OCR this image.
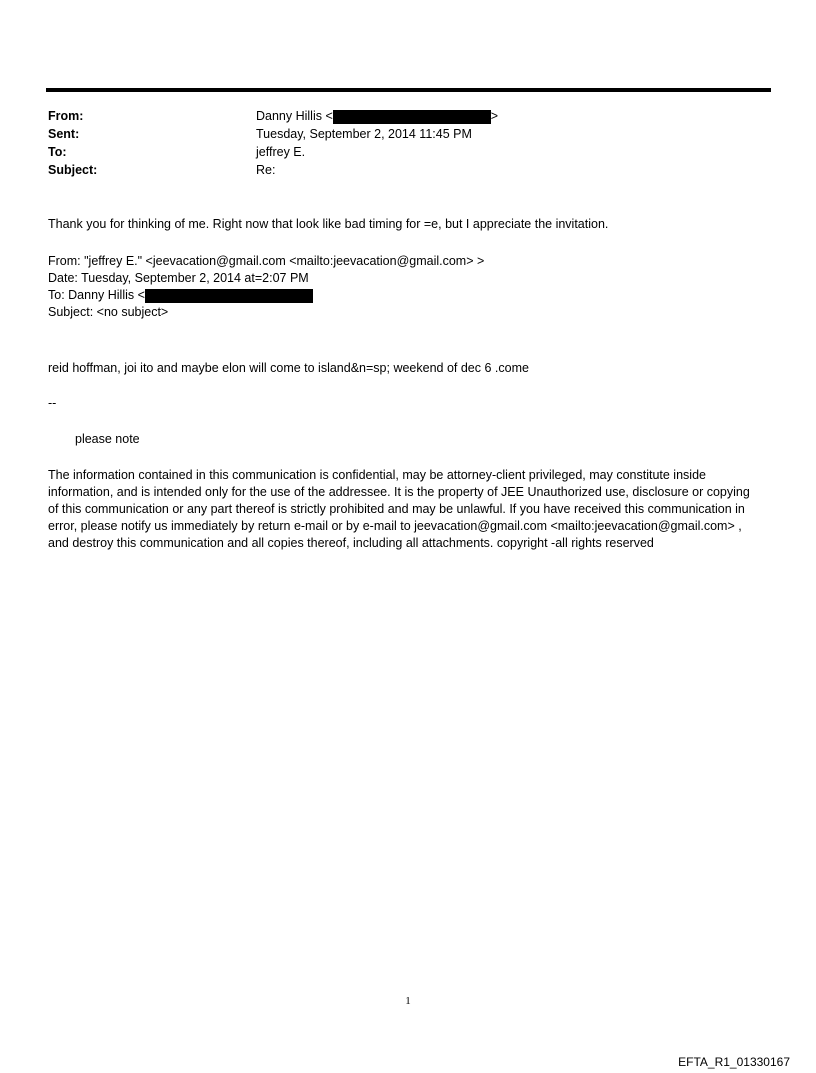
From:	Danny Hillis <	>
Sent:	Tuesday, September 2, 2014 11:45 PM
To:	jeffrey E.
Subject:	Re:
Thank you for thinking of me. Right now that look like bad timing for =e, but I appreciate the invitation.
From: "jeffrey E." <jeevacation@gmail.com <mailto:jeevacation@gmail.com> >
Date: Tuesday, September 2, 2014 at=2:07 PM
To: Danny Hillis <
Subject: <no subject>
reid hoffman, joi ito and maybe elon will come to island&n=sp; weekend of dec 6 .come
--
please note
The information contained in this communication is confidential, may be attorney-client privileged, may constitute inside information, and is intended only for the use of the addressee. It is the property of JEE Unauthorized use, disclosure or copying of this communication or any part thereof is strictly prohibited and may be unlawful. If you have received this communication in error, please notify us immediately by return e-mail or by e-mail to jeevacation@gmail.com <mailto:jeevacation@gmail.com> , and destroy this communication and all copies thereof, including all attachments. copyright -all rights reserved
1
EFTA_R1_01330167
